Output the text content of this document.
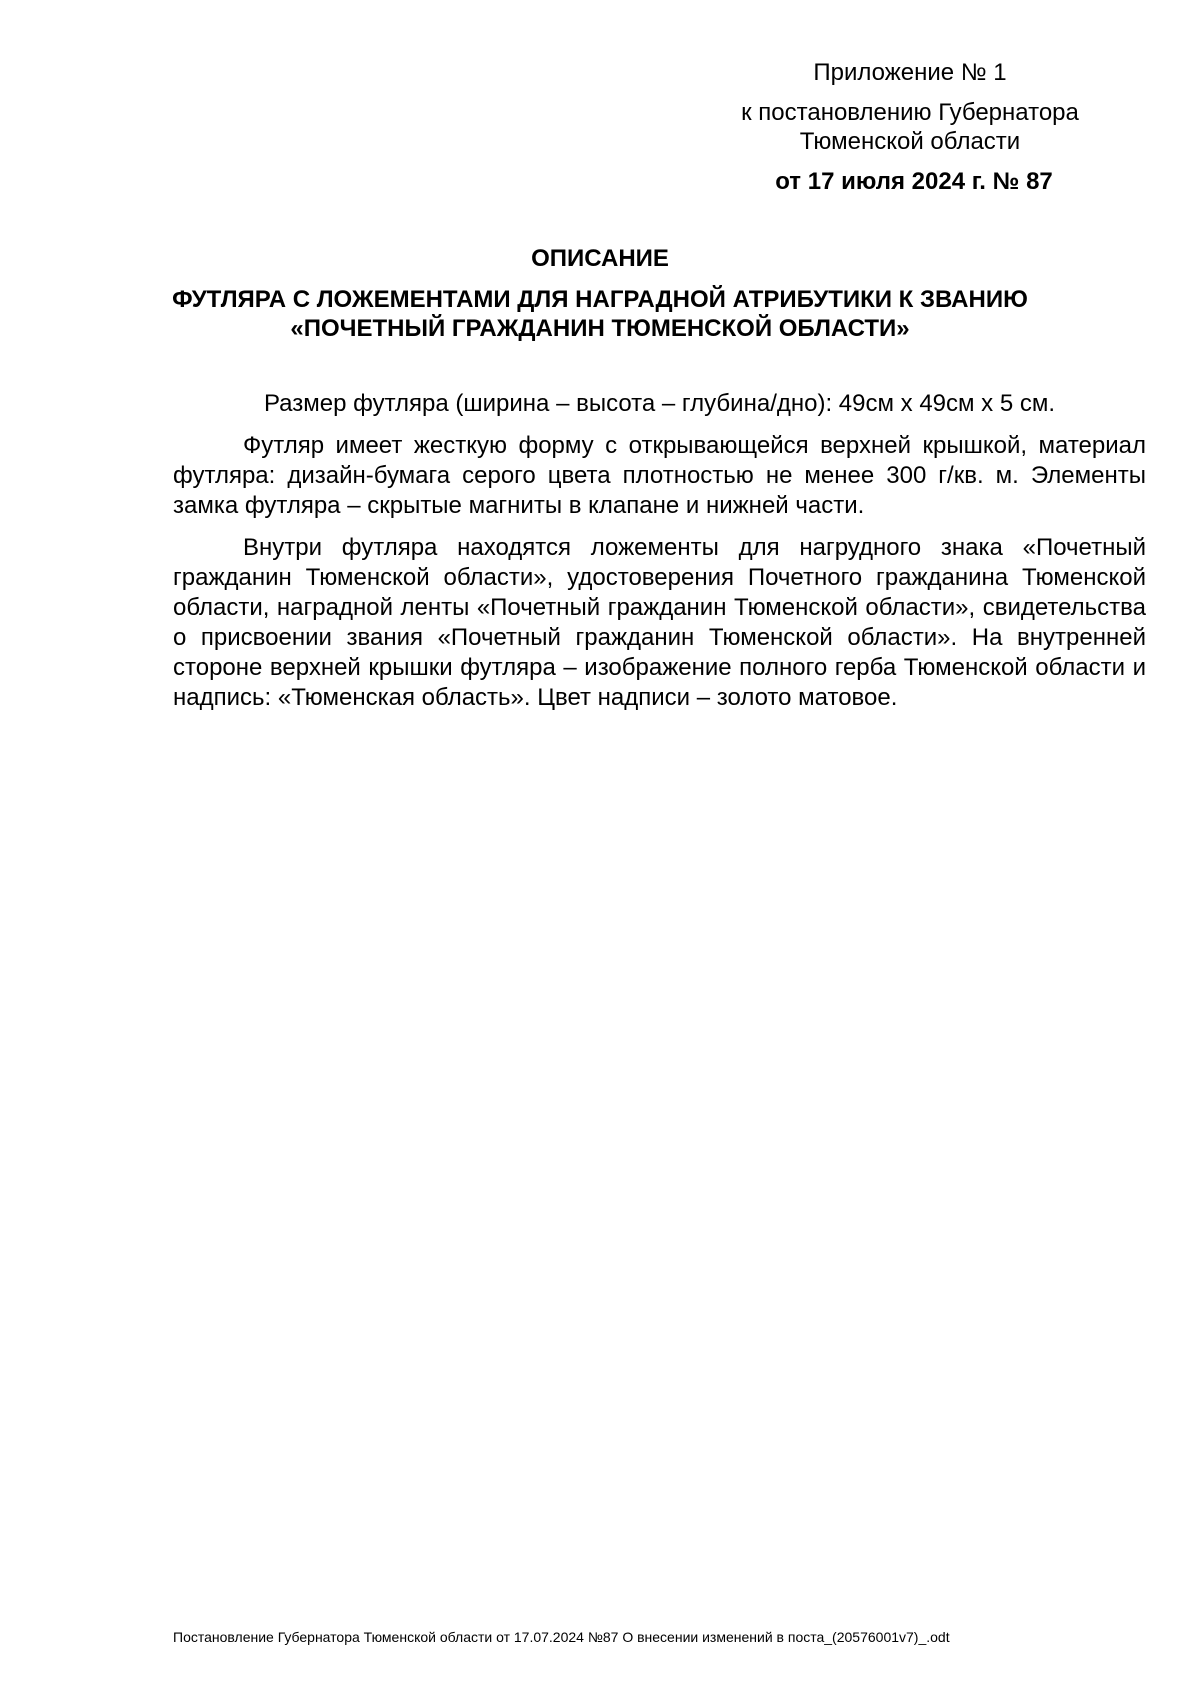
Приложение № 1
к постановлению Губернатора Тюменской области
от 17 июля 2024 г. № 87
ОПИСАНИЕ
ФУТЛЯРА С ЛОЖЕМЕНТАМИ ДЛЯ НАГРАДНОЙ АТРИБУТИКИ К ЗВАНИЮ «ПОЧЕТНЫЙ ГРАЖДАНИН ТЮМЕНСКОЙ ОБЛАСТИ»

Размер футляра (ширина – высота – глубина/дно): 49см х 49см х 5 см.

Футляр имеет жесткую форму с открывающейся верхней крышкой, материал футляра: дизайн-бумага серого цвета плотностью не менее 300 г/кв. м. Элементы замка футляра – скрытые магниты в клапане и нижней части.

Внутри футляра находятся ложементы для нагрудного знака «Почетный гражданин Тюменской области», удостоверения Почетного гражданина Тюменской области, наградной ленты «Почетный гражданин Тюменской области», свидетельства о присвоении звания «Почетный гражданин Тюменской области». На внутренней стороне верхней крышки футляра – изображение полного герба Тюменской области и надпись: «Тюменская область». Цвет надписи – золото матовое.

Постановление Губернатора Тюменской области от 17.07.2024 №87 О внесении изменений в поста_(20576001v7)_.odt
